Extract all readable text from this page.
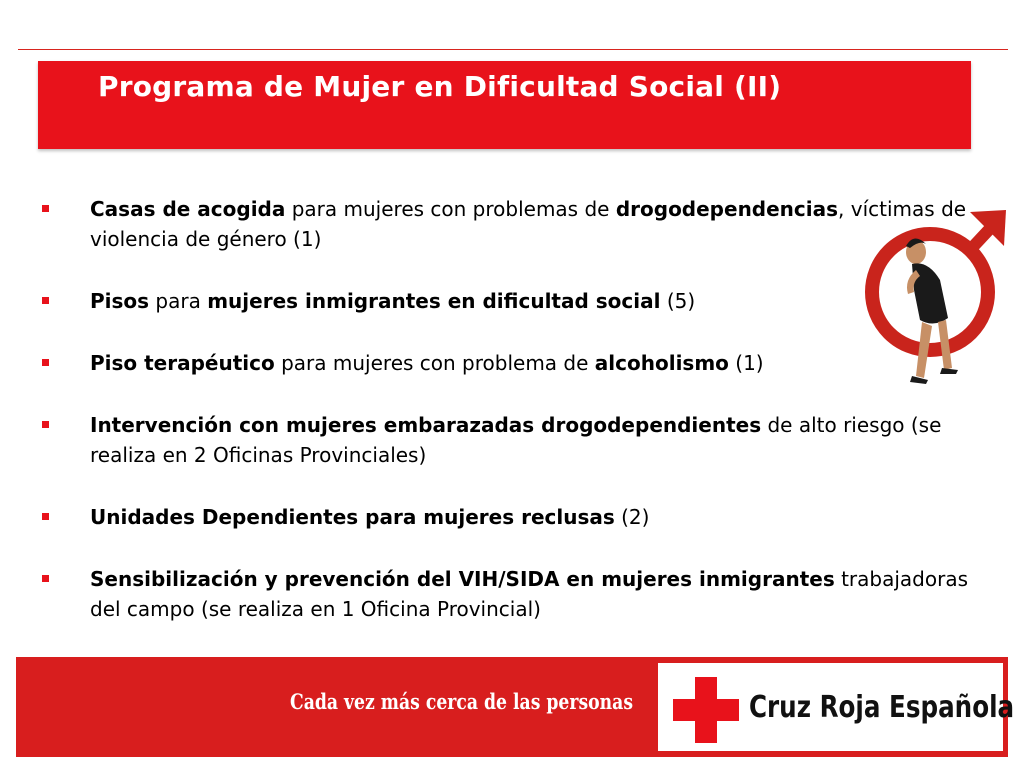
Programa de Mujer en Dificultad Social (II)
Casas de acogida para mujeres con problemas de drogodependencias, víctimas de violencia de género (1)
Pisos para mujeres inmigrantes en dificultad social (5)
Piso terapéutico para mujeres con problema de alcoholismo (1)
Intervención con mujeres embarazadas drogodependientes de alto riesgo (se realiza en 2 Oficinas Provinciales)
Unidades Dependientes para mujeres reclusas (2)
Sensibilización y prevención del VIH/SIDA en mujeres inmigrantes trabajadoras del campo (se realiza en 1 Oficina Provincial)
Cada vez más cerca de las personas	Cruz Roja Española
